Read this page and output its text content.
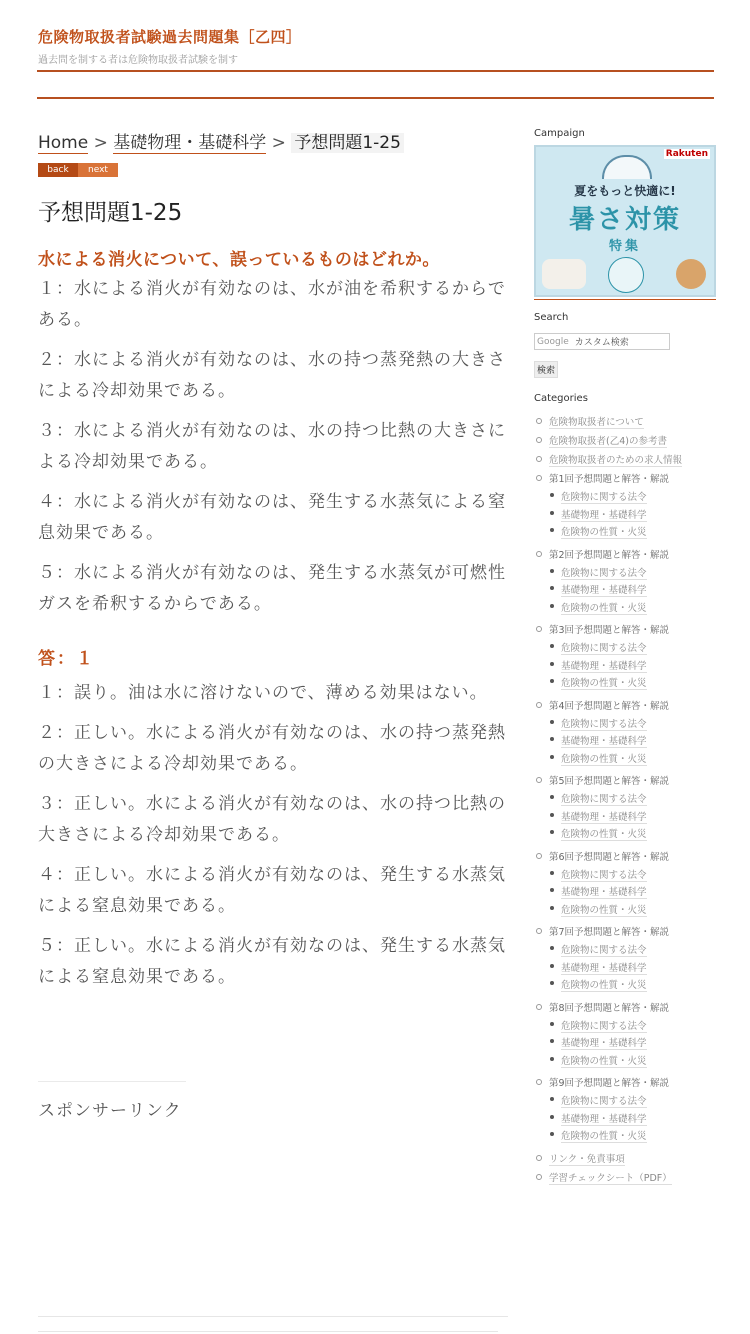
危険物取扱者試験過去問題集［乙四］
過去問を制する者は危険物取扱者試験を制す
Home > 基礎物理・基礎科学 > 予想問題1-25
back	next
予想問題1-25
水による消火について、誤っているものはどれか。
１：水による消火が有効なのは、水が油を希釈するからである。
２：水による消火が有効なのは、水の持つ蒸発熱の大きさによる冷却効果である。
３：水による消火が有効なのは、水の持つ比熱の大きさによる冷却効果である。
４：水による消火が有効なのは、発生する水蒸気による窒息効果である。
５：水による消火が有効なのは、発生する水蒸気が可燃性ガスを希釈するからである。
答：１
１：誤り。油は水に溶けないので、薄める効果はない。
２：正しい。水による消火が有効なのは、水の持つ蒸発熱の大きさによる冷却効果である。
３：正しい。水による消火が有効なのは、水の持つ比熱の大きさによる冷却効果である。
４：正しい。水による消火が有効なのは、発生する水蒸気による窒息効果である。
５：正しい。水による消火が有効なのは、発生する水蒸気による窒息効果である。
スポンサーリンク
Campaign
Rakuten
夏をもっと快適に!
暑さ対策
特集
Search
Google カスタム検索
検索
Categories
危険物取扱者について
危険物取扱者(乙4)の参考書
危険物取扱者のための求人情報
第1回予想問題と解答・解説
危険物に関する法令
基礎物理・基礎科学
危険物の性質・火災
第2回予想問題と解答・解説
危険物に関する法令
基礎物理・基礎科学
危険物の性質・火災
第3回予想問題と解答・解説
危険物に関する法令
基礎物理・基礎科学
危険物の性質・火災
第4回予想問題と解答・解説
危険物に関する法令
基礎物理・基礎科学
危険物の性質・火災
第5回予想問題と解答・解説
危険物に関する法令
基礎物理・基礎科学
危険物の性質・火災
第6回予想問題と解答・解説
危険物に関する法令
基礎物理・基礎科学
危険物の性質・火災
第7回予想問題と解答・解説
危険物に関する法令
基礎物理・基礎科学
危険物の性質・火災
第8回予想問題と解答・解説
危険物に関する法令
基礎物理・基礎科学
危険物の性質・火災
第9回予想問題と解答・解説
危険物に関する法令
基礎物理・基礎科学
危険物の性質・火災
リンク・免責事項
学習チェックシート（PDF）
